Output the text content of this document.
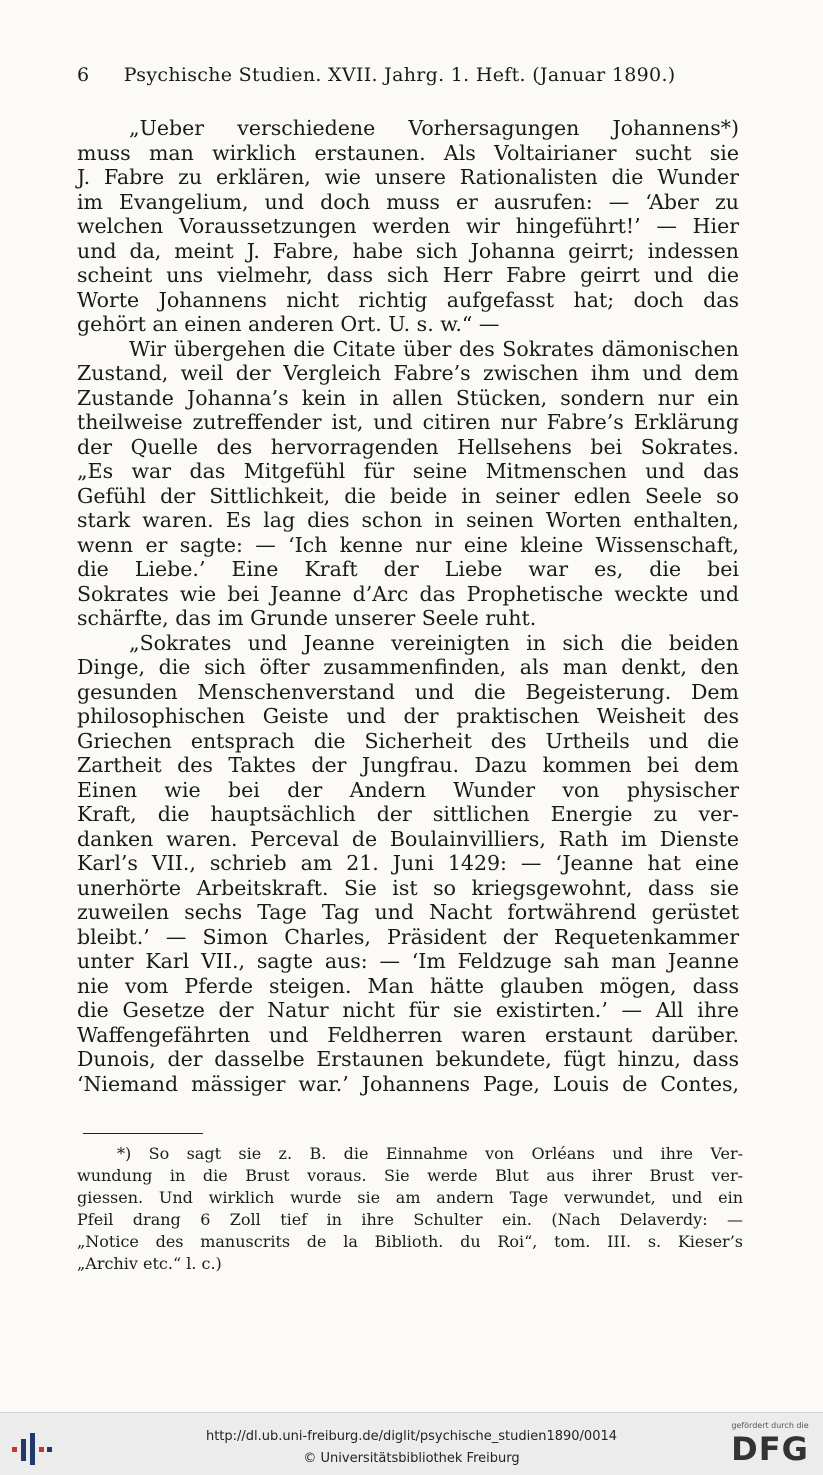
6 Psychische Studien. XVII. Jahrg. 1. Heft. (Januar 1890.)
„Ueber verschiedene Vorhersagungen Johannens*)
muss man wirklich erstaunen. Als Voltairianer sucht sie
J. Fabre zu erklären, wie unsere Rationalisten die Wunder
im Evangelium, und doch muss er ausrufen: — ‘Aber zu
welchen Voraussetzungen werden wir hingeführt!’ — Hier
und da, meint J. Fabre, habe sich Johanna geirrt; indessen
scheint uns vielmehr, dass sich Herr Fabre geirrt und die
Worte Johannens nicht richtig aufgefasst hat; doch das
gehört an einen anderen Ort. U. s. w.“ —
Wir übergehen die Citate über des Sokrates dämonischen
Zustand, weil der Vergleich Fabre’s zwischen ihm und dem
Zustande Johanna’s kein in allen Stücken, sondern nur ein
theilweise zutreffender ist, und citiren nur Fabre’s Erklärung
der Quelle des hervorragenden Hellsehens bei Sokrates.
„Es war das Mitgefühl für seine Mitmenschen und das
Gefühl der Sittlichkeit, die beide in seiner edlen Seele so
stark waren. Es lag dies schon in seinen Worten enthalten,
wenn er sagte: — ‘Ich kenne nur eine kleine Wissenschaft,
die Liebe.’ Eine Kraft der Liebe war es, die bei
Sokrates wie bei Jeanne d’Arc das Prophetische weckte und
schärfte, das im Grunde unserer Seele ruht.
„Sokrates und Jeanne vereinigten in sich die beiden
Dinge, die sich öfter zusammenfinden, als man denkt, den
gesunden Menschenverstand und die Begeisterung. Dem
philosophischen Geiste und der praktischen Weisheit des
Griechen entsprach die Sicherheit des Urtheils und die
Zartheit des Taktes der Jungfrau. Dazu kommen bei dem
Einen wie bei der Andern Wunder von physischer
Kraft, die hauptsächlich der sittlichen Energie zu ver-
danken waren. Perceval de Boulainvilliers, Rath im Dienste
Karl’s VII., schrieb am 21. Juni 1429: — ‘Jeanne hat eine
unerhörte Arbeitskraft. Sie ist so kriegsgewohnt, dass sie
zuweilen sechs Tage Tag und Nacht fortwährend gerüstet
bleibt.’ — Simon Charles, Präsident der Requetenkammer
unter Karl VII., sagte aus: — ‘Im Feldzuge sah man Jeanne
nie vom Pferde steigen. Man hätte glauben mögen, dass
die Gesetze der Natur nicht für sie existirten.’ — All ihre
Waffengefährten und Feldherren waren erstaunt darüber.
Dunois, der dasselbe Erstaunen bekundete, fügt hinzu, dass
‘Niemand mässiger war.’ Johannens Page, Louis de Contes,
*) So sagt sie z. B. die Einnahme von Orléans und ihre Ver-
wundung in die Brust voraus. Sie werde Blut aus ihrer Brust ver-
giessen. Und wirklich wurde sie am andern Tage verwundet, und ein
Pfeil drang 6 Zoll tief in ihre Schulter ein. (Nach Delaverdy: —
„Notice des manuscrits de la Biblioth. du Roi“, tom. III. s. Kieser’s
„Archiv etc.“ l. c.)
http://dl.ub.uni-freiburg.de/diglit/psychische_studien1890/0014
© Universitätsbibliothek Freiburg
gefördert durch die
DFG
